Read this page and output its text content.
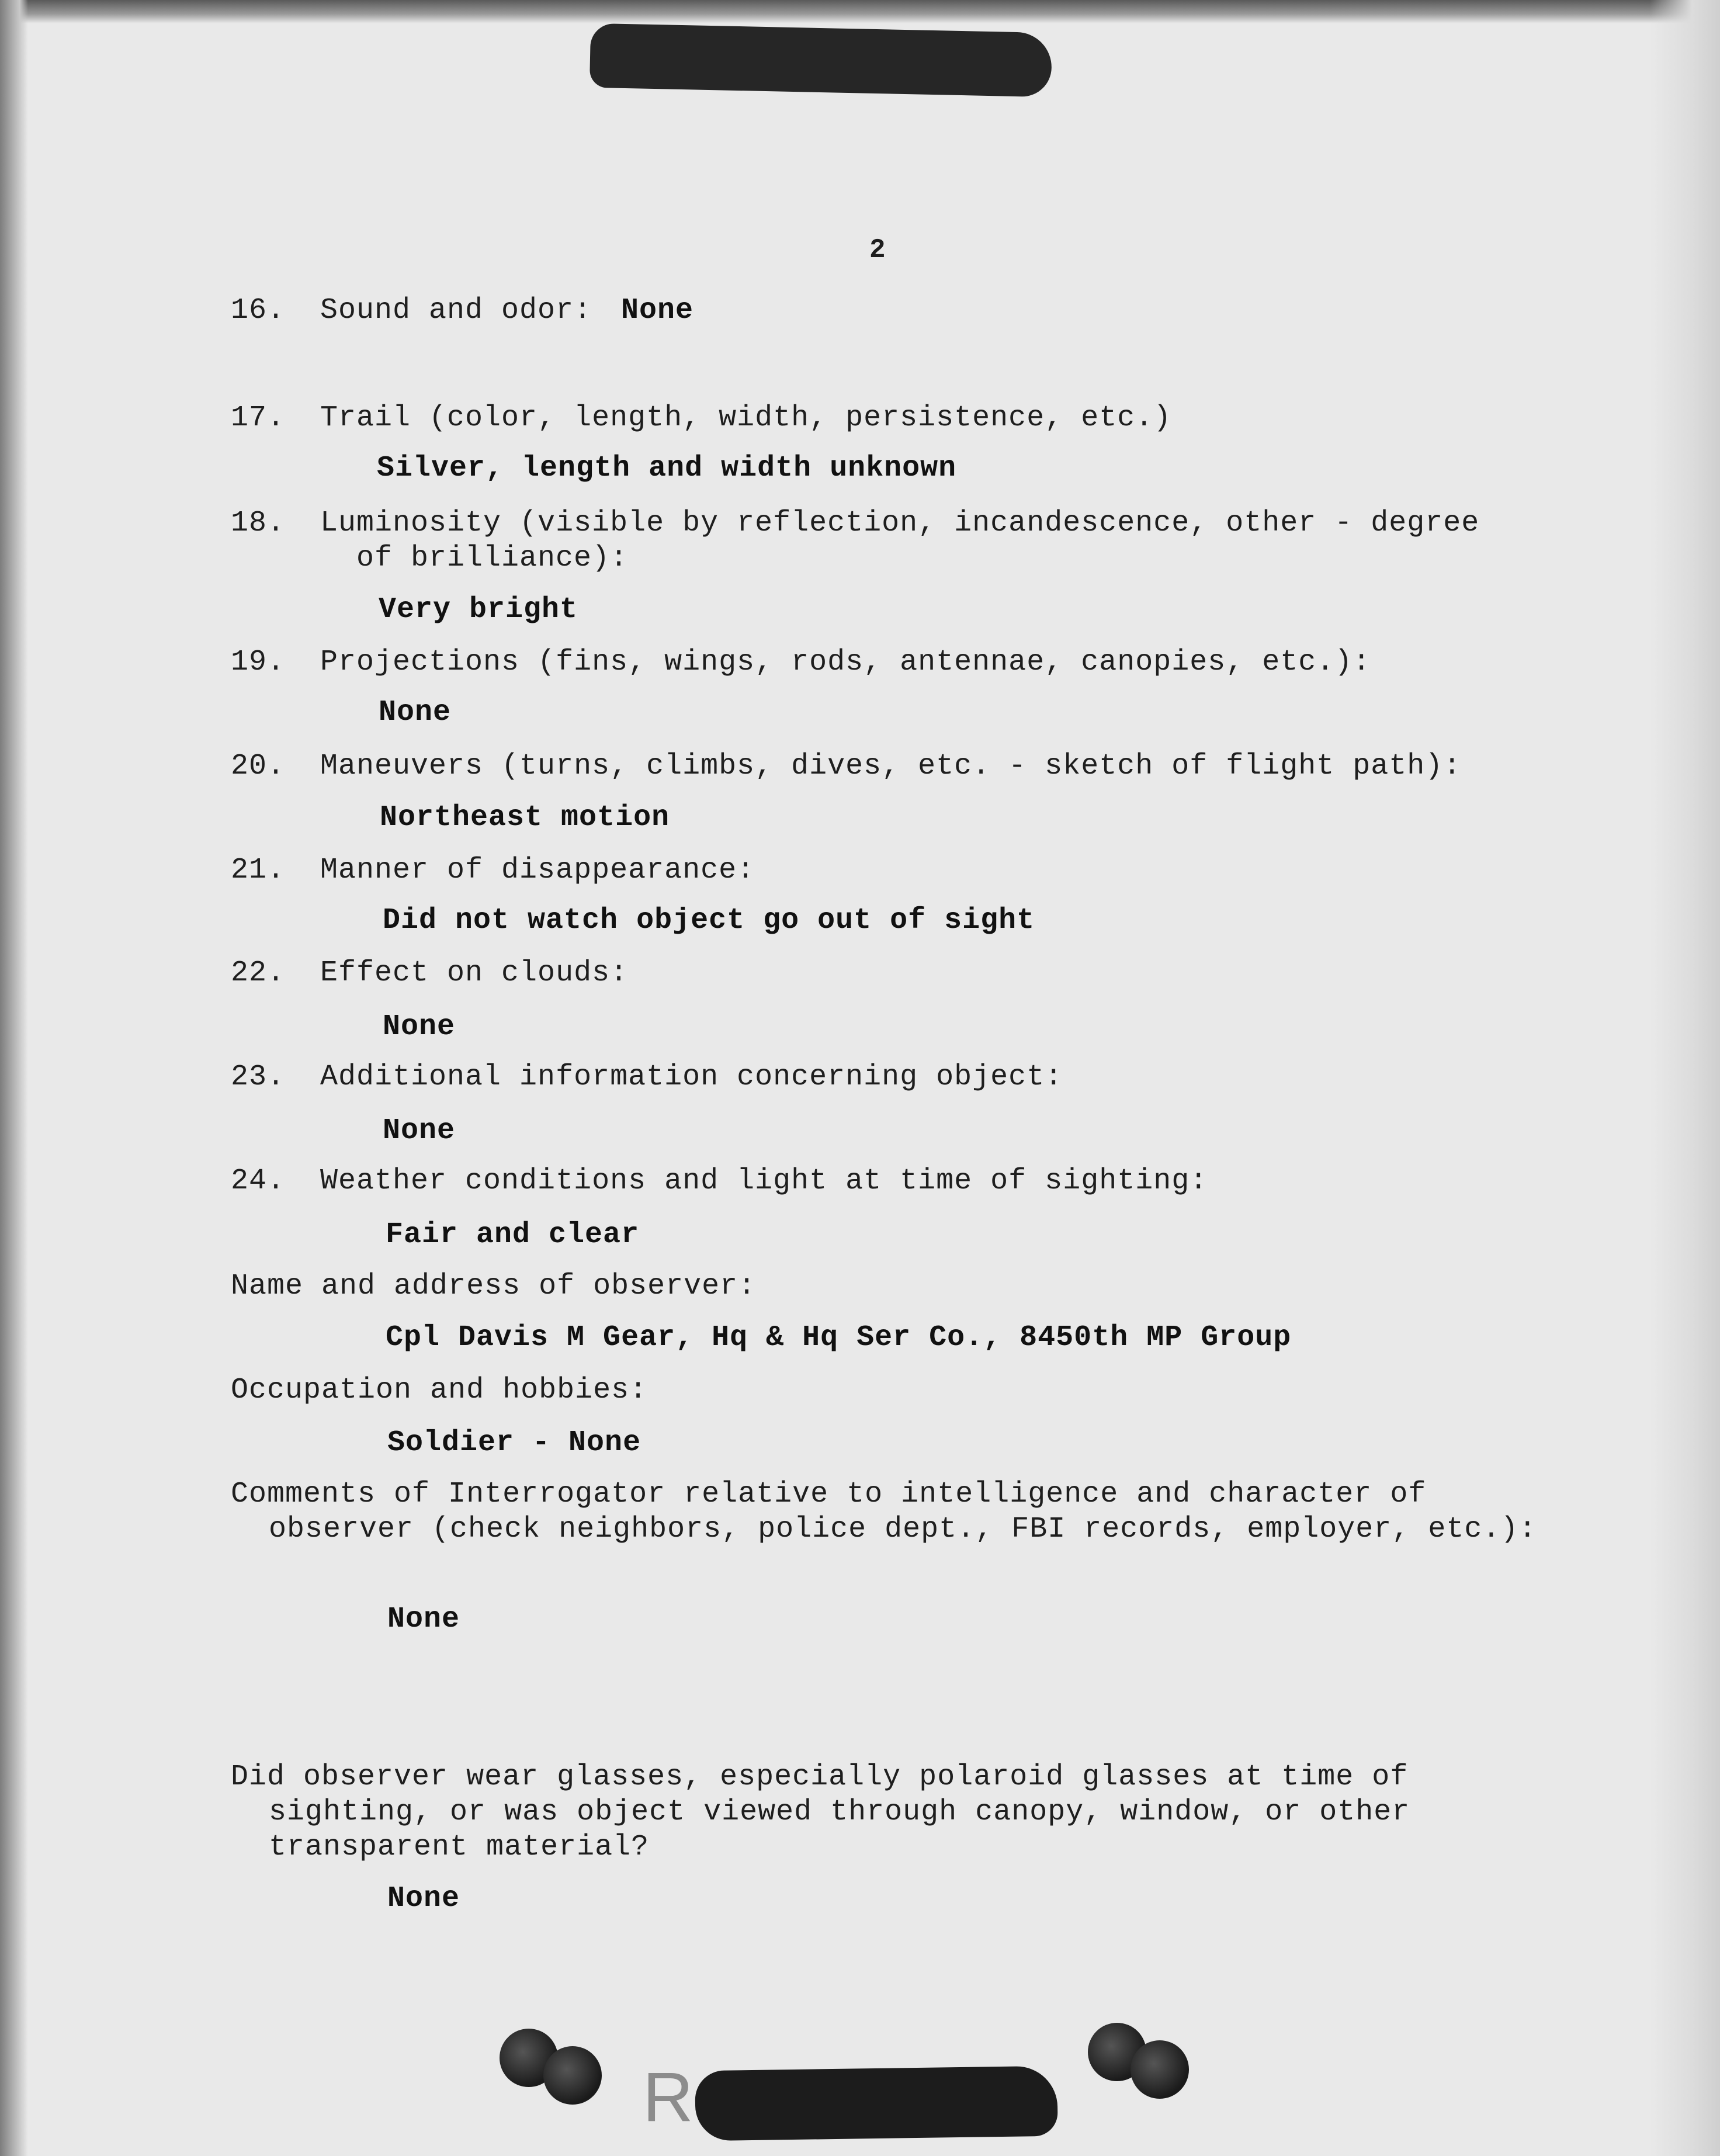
2
16. Sound and odor: None
17. Trail (color, length, width, persistence, etc.)
Silver, length and width unknown
18. Luminosity (visible by reflection, incandescence, other - degree
of brilliance):
Very bright
19. Projections (fins, wings, rods, antennae, canopies, etc.):
None
20. Maneuvers (turns, climbs, dives, etc. - sketch of flight path):
Northeast motion
21. Manner of disappearance:
Did not watch object go out of sight
22. Effect on clouds:
None
23. Additional information concerning object:
None
24. Weather conditions and light at time of sighting:
Fair and clear
Name and address of observer:
Cpl Davis M Gear, Hq & Hq Ser Co., 8450th MP Group
Occupation and hobbies:
Soldier - None
Comments of Interrogator relative to intelligence and character of
observer (check neighbors, police dept., FBI records, employer, etc.):
None
Did observer wear glasses, especially polaroid glasses at time of
sighting, or was object viewed through canopy, window, or other
transparent material?
None
R
